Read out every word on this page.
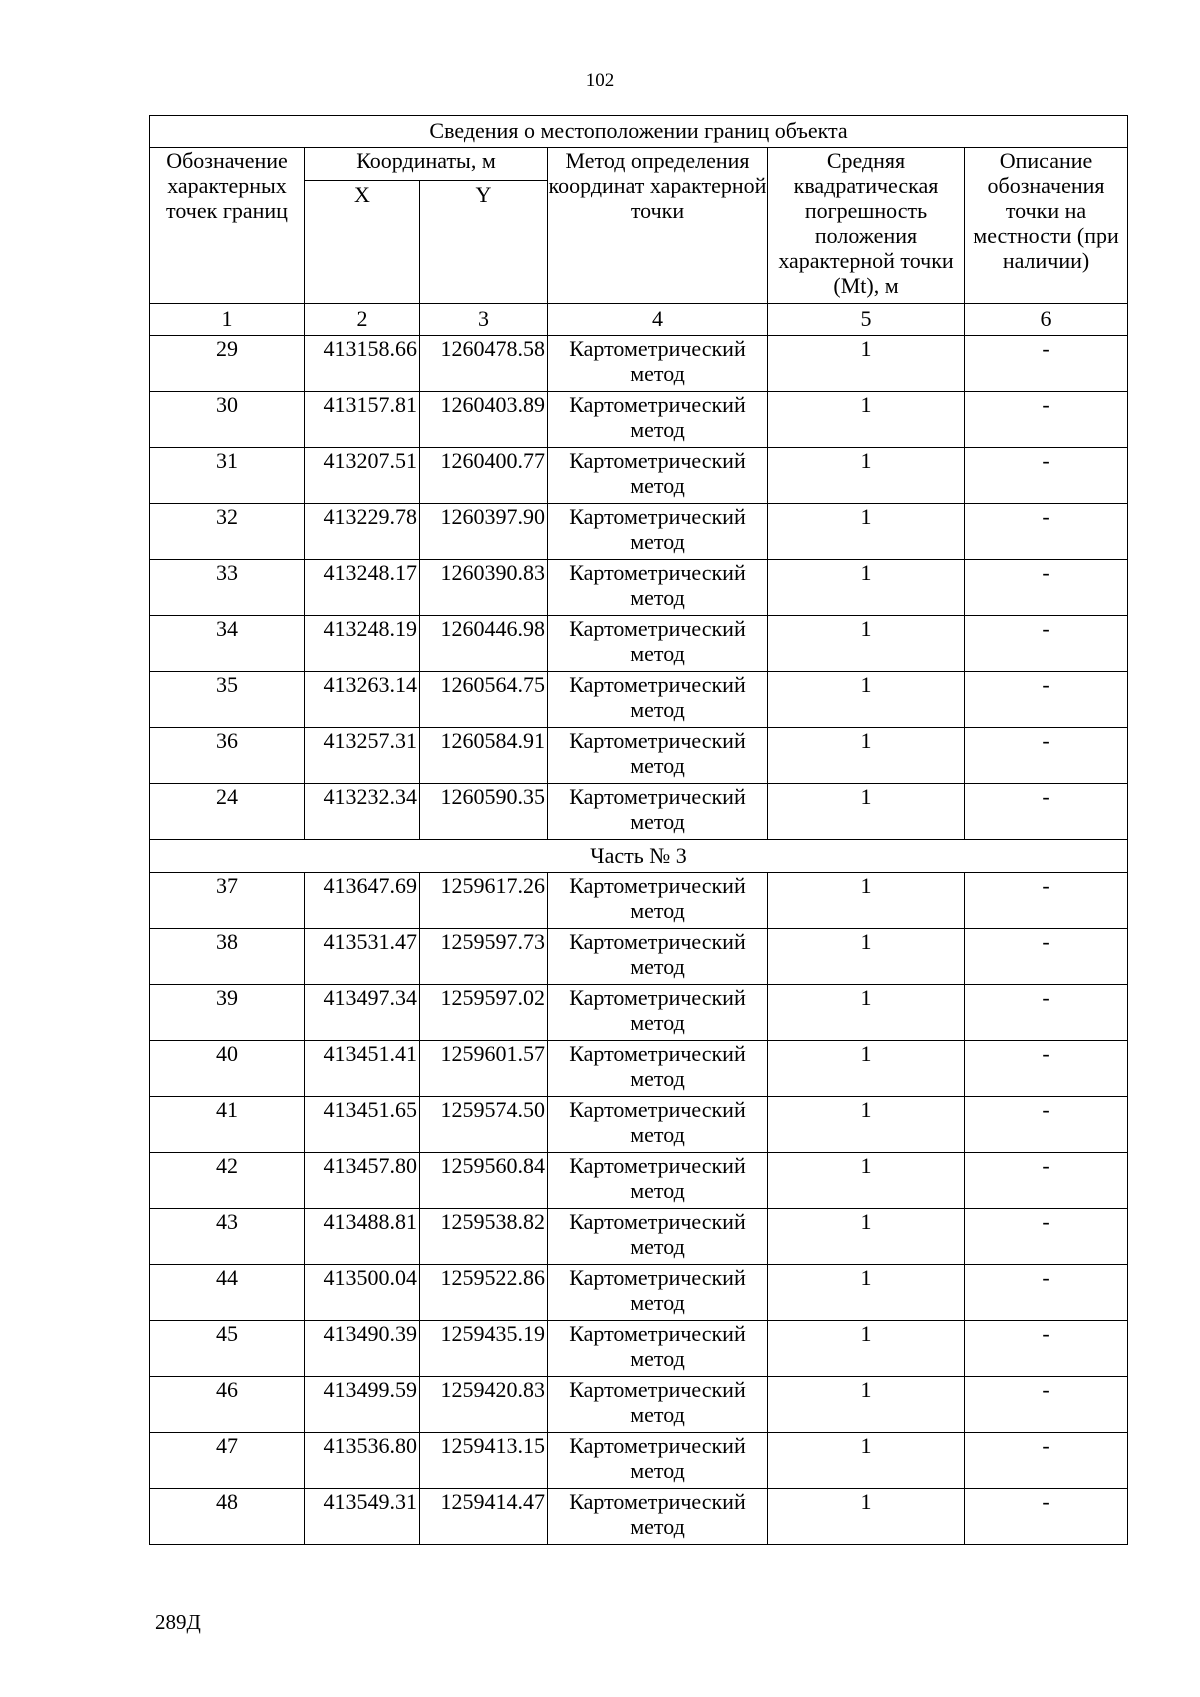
102
Сведения о местоположении границ объекта					
Обозначение характерных точек границ	Координаты, м		Метод определения координат характерной точки	Средняя квадратическая погрешность положения характерной точки (Mt), м	Описание обозначения точки на местности (при наличии)
	X	Y			
1	2	3	4	5	6
29	413158.66	1260478.58	Картометрический метод	1	-
30	413157.81	1260403.89	Картометрический метод	1	-
31	413207.51	1260400.77	Картометрический метод	1	-
32	413229.78	1260397.90	Картометрический метод	1	-
33	413248.17	1260390.83	Картометрический метод	1	-
34	413248.19	1260446.98	Картометрический метод	1	-
35	413263.14	1260564.75	Картометрический метод	1	-
36	413257.31	1260584.91	Картометрический метод	1	-
24	413232.34	1260590.35	Картометрический метод	1	-
Часть № 3					
37	413647.69	1259617.26	Картометрический метод	1	-
38	413531.47	1259597.73	Картометрический метод	1	-
39	413497.34	1259597.02	Картометрический метод	1	-
40	413451.41	1259601.57	Картометрический метод	1	-
41	413451.65	1259574.50	Картометрический метод	1	-
42	413457.80	1259560.84	Картометрический метод	1	-
43	413488.81	1259538.82	Картометрический метод	1	-
44	413500.04	1259522.86	Картометрический метод	1	-
45	413490.39	1259435.19	Картометрический метод	1	-
46	413499.59	1259420.83	Картометрический метод	1	-
47	413536.80	1259413.15	Картометрический метод	1	-
48	413549.31	1259414.47	Картометрический метод	1	-
289Д
